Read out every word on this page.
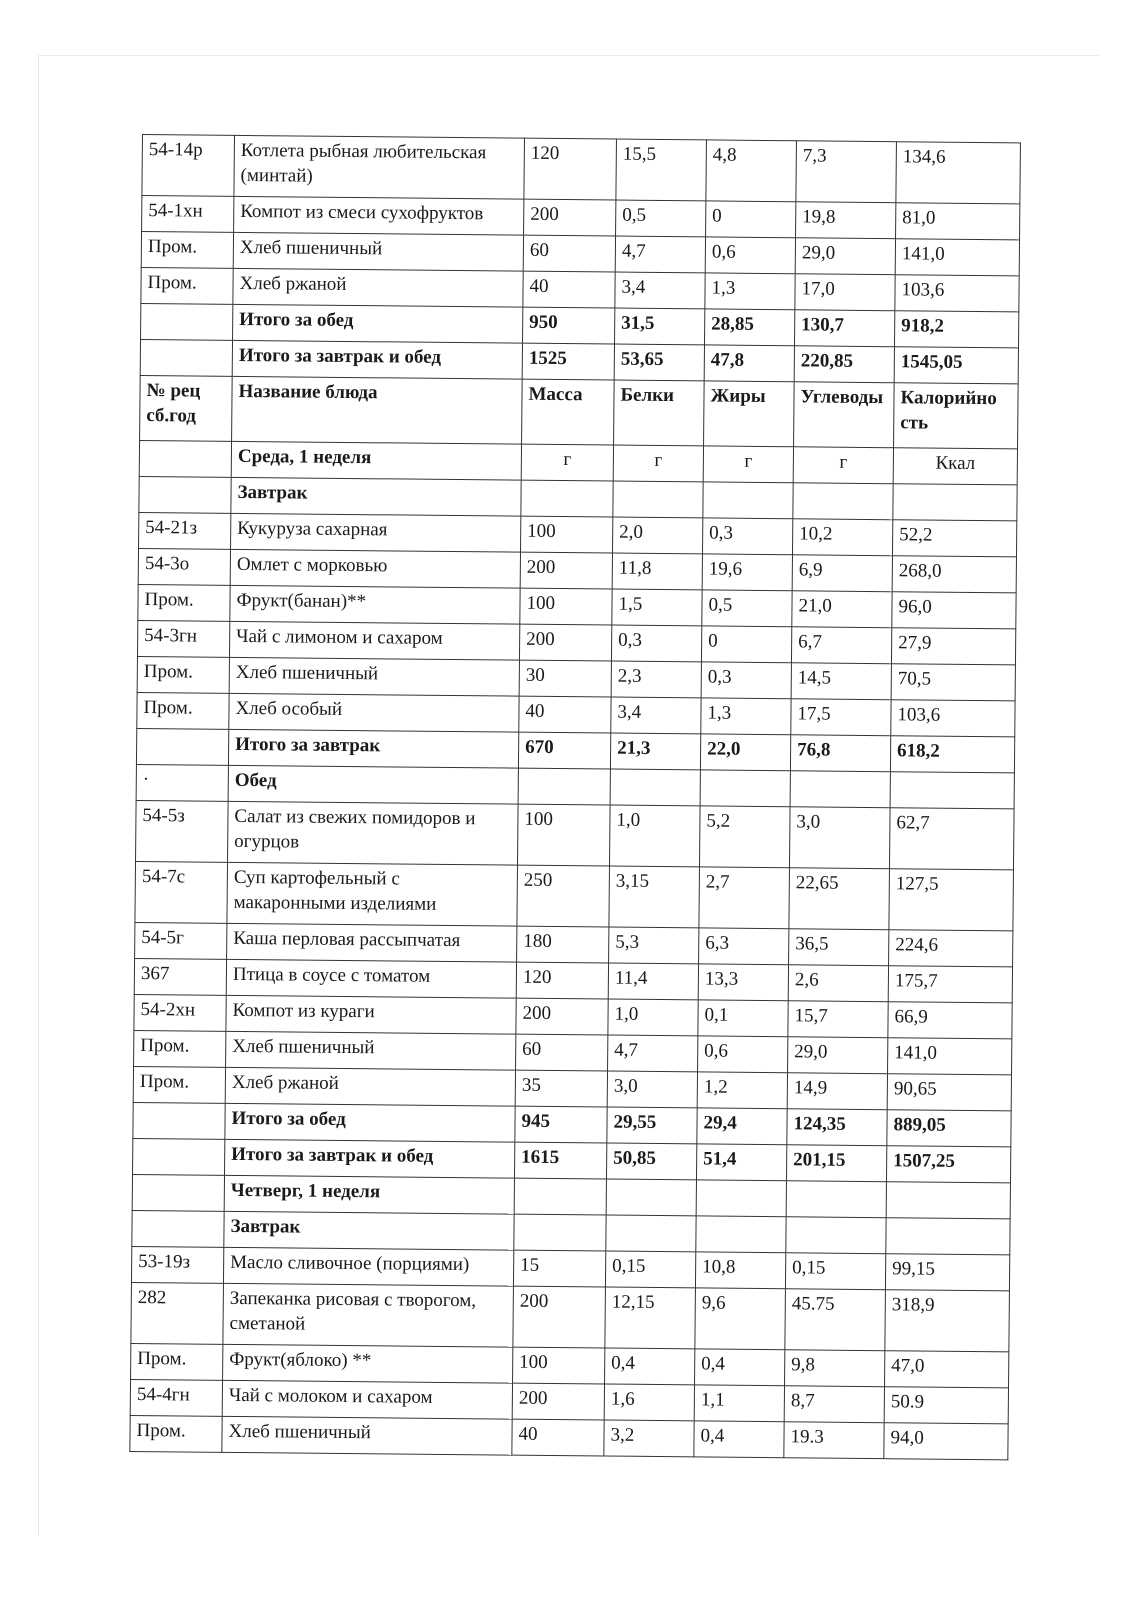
54-14р	Котлета рыбная любительская (минтай)	120	15,5	4,8	7,3	134,6
54-1хн	Компот из смеси сухофруктов	200	0,5	0	19,8	81,0
Пром.	Хлеб пшеничный	60	4,7	0,6	29,0	141,0
Пром.	Хлеб ржаной	40	3,4	1,3	17,0	103,6
	Итого за обед	950	31,5	28,85	130,7	918,2
	Итого за завтрак и обед	1525	53,65	47,8	220,85	1545,05
№ рец сб.год	Название блюда	Масса	Белки	Жиры	Углеводы	Калорийно сть
	Среда, 1 неделя	г	г	г	г	Ккал
	Завтрак					
54-21з	Кукуруза сахарная	100	2,0	0,3	10,2	52,2
54-3о	Омлет с морковью	200	11,8	19,6	6,9	268,0
Пром.	Фрукт(банан)**	100	1,5	0,5	21,0	96,0
54-3гн	Чай с лимоном и сахаром	200	0,3	0	6,7	27,9
Пром.	Хлеб пшеничный	30	2,3	0,3	14,5	70,5
Пром.	Хлеб особый	40	3,4	1,3	17,5	103,6
	Итого за завтрак	670	21,3	22,0	76,8	618,2
·	Обед					
54-5з	Салат из свежих помидоров и огурцов	100	1,0	5,2	3,0	62,7
54-7с	Суп картофельный с макаронными изделиями	250	3,15	2,7	22,65	127,5
54-5г	Каша перловая рассыпчатая	180	5,3	6,3	36,5	224,6
367	Птица в соусе с томатом	120	11,4	13,3	2,6	175,7
54-2хн	Компот из кураги	200	1,0	0,1	15,7	66,9
Пром.	Хлеб пшеничный	60	4,7	0,6	29,0	141,0
Пром.	Хлеб ржаной	35	3,0	1,2	14,9	90,65
	Итого за обед	945	29,55	29,4	124,35	889,05
	Итого за завтрак и обед	1615	50,85	51,4	201,15	1507,25
	Четверг, 1 неделя					
	Завтрак					
53-19з	Масло сливочное (порциями)	15	0,15	10,8	0,15	99,15
282	Запеканка рисовая с творогом, сметаной	200	12,15	9,6	45.75	318,9
Пром.	Фрукт(яблоко) **	100	0,4	0,4	9,8	47,0
54-4гн	Чай с молоком и сахаром	200	1,6	1,1	8,7	50.9
Пром.	Хлеб пшеничный	40	3,2	0,4	19.3	94,0
